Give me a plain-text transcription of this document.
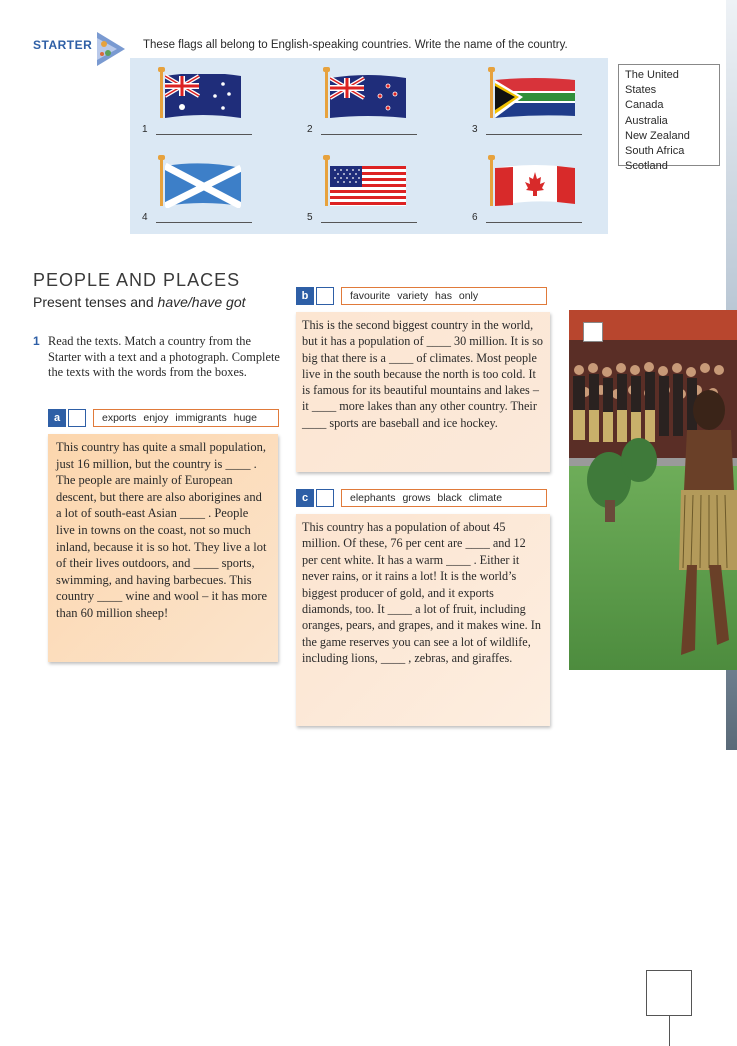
STARTER	These flags all belong to English-speaking countries. Write the name of the country.
1	2	3
4	5	6
The United States
Canada
Australia
New Zealand
South Africa
Scotland
PEOPLE AND PLACES
Present tenses and have/have got
1 Read the texts. Match a country from the Starter with a text and a photograph. Complete the texts with the words from the boxes.
a	exports enjoy immigrants huge
This country has quite a small population, just 16 million, but the country is ____ . The people are mainly of European descent, but there are also aborigines and a lot of south-east Asian ____ . People live in towns on the coast, not so much inland, because it is so hot. They live a lot of their lives outdoors, and ____ sports, swimming, and having barbecues. This country ____ wine and wool – it has more than 60 million sheep!
b	favourite variety has only
This is the second biggest country in the world, but it has a population of ____ 30 million. It is so big that there is a ____ of climates. Most people live in the south because the north is too cold. It is famous for its beautiful mountains and lakes – it ____ more lakes than any other country. Their ____ sports are baseball and ice hockey.
c	elephants grows black climate
This country has a population of about 45 million. Of these, 76 per cent are ____ and 12 per cent white. It has a warm ____ . Either it never rains, or it rains a lot! It is the world’s biggest producer of gold, and it exports diamonds, too. It ____ a lot of fruit, including oranges, pears, and grapes, and it makes wine. In the game reserves you can see a lot of wildlife, including lions, ____ , zebras, and giraffes.
